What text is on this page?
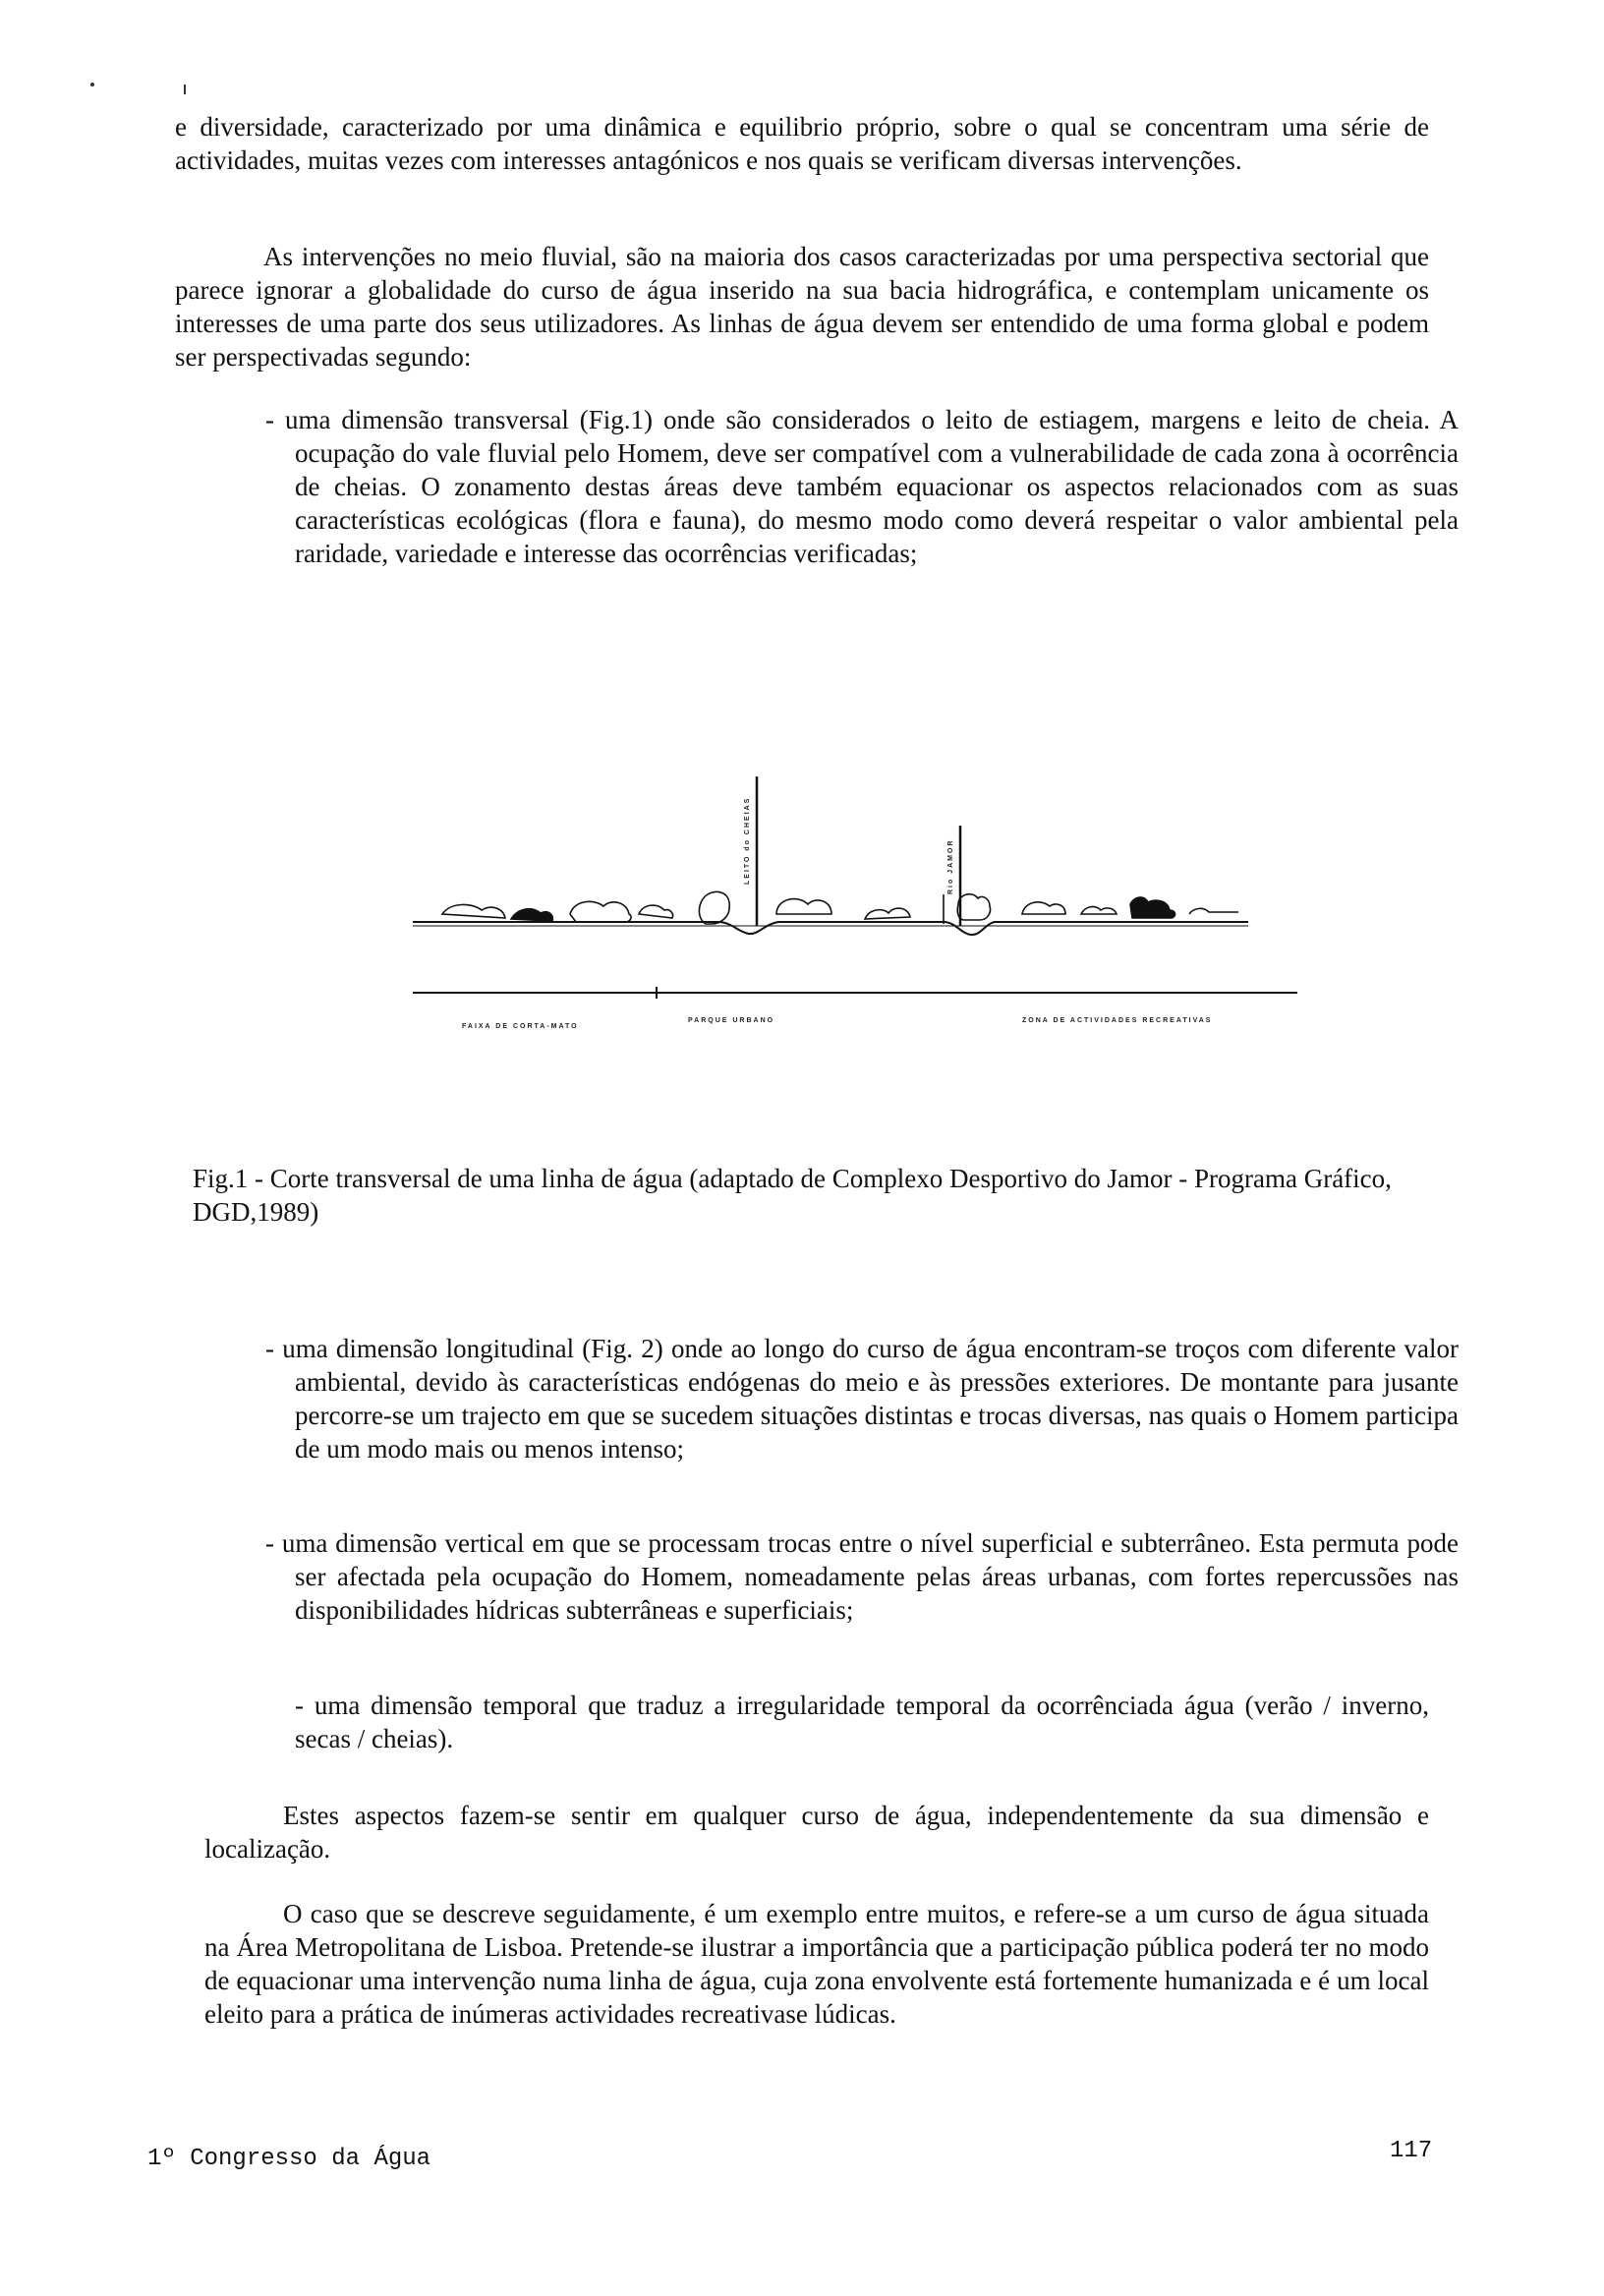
e diversidade, caracterizado por uma dinâmica e equilibrio próprio, sobre o qual se concentram uma série de actividades, muitas vezes com interesses antagónicos e nos quais se verificam diversas intervenções.

As intervenções no meio fluvial, são na maioria dos casos caracterizadas por uma perspectiva sectorial que parece ignorar a globalidade do curso de água inserido na sua bacia hidrográfica, e contemplam unicamente os interesses de uma parte dos seus utilizadores. As linhas de água devem ser entendido de uma forma global e podem ser perspectivadas segundo:

- uma dimensão transversal (Fig.1) onde são considerados o leito de estiagem, margens e leito de cheia. A ocupação do vale fluvial pelo Homem, deve ser compatível com a vulnerabilidade de cada zona à ocorrência de cheias. O zonamento destas áreas deve também equacionar os aspectos relacionados com as suas características ecológicas (flora e fauna), do mesmo modo como deverá respeitar o valor ambiental pela raridade, variedade e interesse das ocorrências verificadas;

LEITO do CHEIAS	Rio JAMOR
FAIXA DE CORTA-MATO
PARQUE URBANO	ZONA DE ACTIVIDADES RECREATIVAS

Fig.1 - Corte transversal de uma linha de água (adaptado de Complexo Desportivo do Jamor - Programa Gráfico, DGD,1989)

- uma dimensão longitudinal (Fig. 2) onde ao longo do curso de água encontram-se troços com diferente valor ambiental, devido às características endógenas do meio e às pressões exteriores. De montante para jusante percorre-se um trajecto em que se sucedem situações distintas e trocas diversas, nas quais o Homem participa de um modo mais ou menos intenso;

- uma dimensão vertical em que se processam trocas entre o nível superficial e subterrâneo. Esta permuta pode ser afectada pela ocupação do Homem, nomeadamente pelas áreas urbanas, com fortes repercussões nas disponibilidades hídricas subterrâneas e superficiais;

- uma dimensão temporal que traduz a irregularidade temporal da ocorrênciada água (verão / inverno, secas / cheias).

Estes aspectos fazem-se sentir em qualquer curso de água, independentemente da sua dimensão e localização.

O caso que se descreve seguidamente, é um exemplo entre muitos, e refere-se a um curso de água situada na Área Metropolitana de Lisboa. Pretende-se ilustrar a importância que a participação pública poderá ter no modo de equacionar uma intervenção numa linha de água, cuja zona envolvente está fortemente humanizada e é um local eleito para a prática de inúmeras actividades recreativase lúdicas.

1º Congresso da Água	117
